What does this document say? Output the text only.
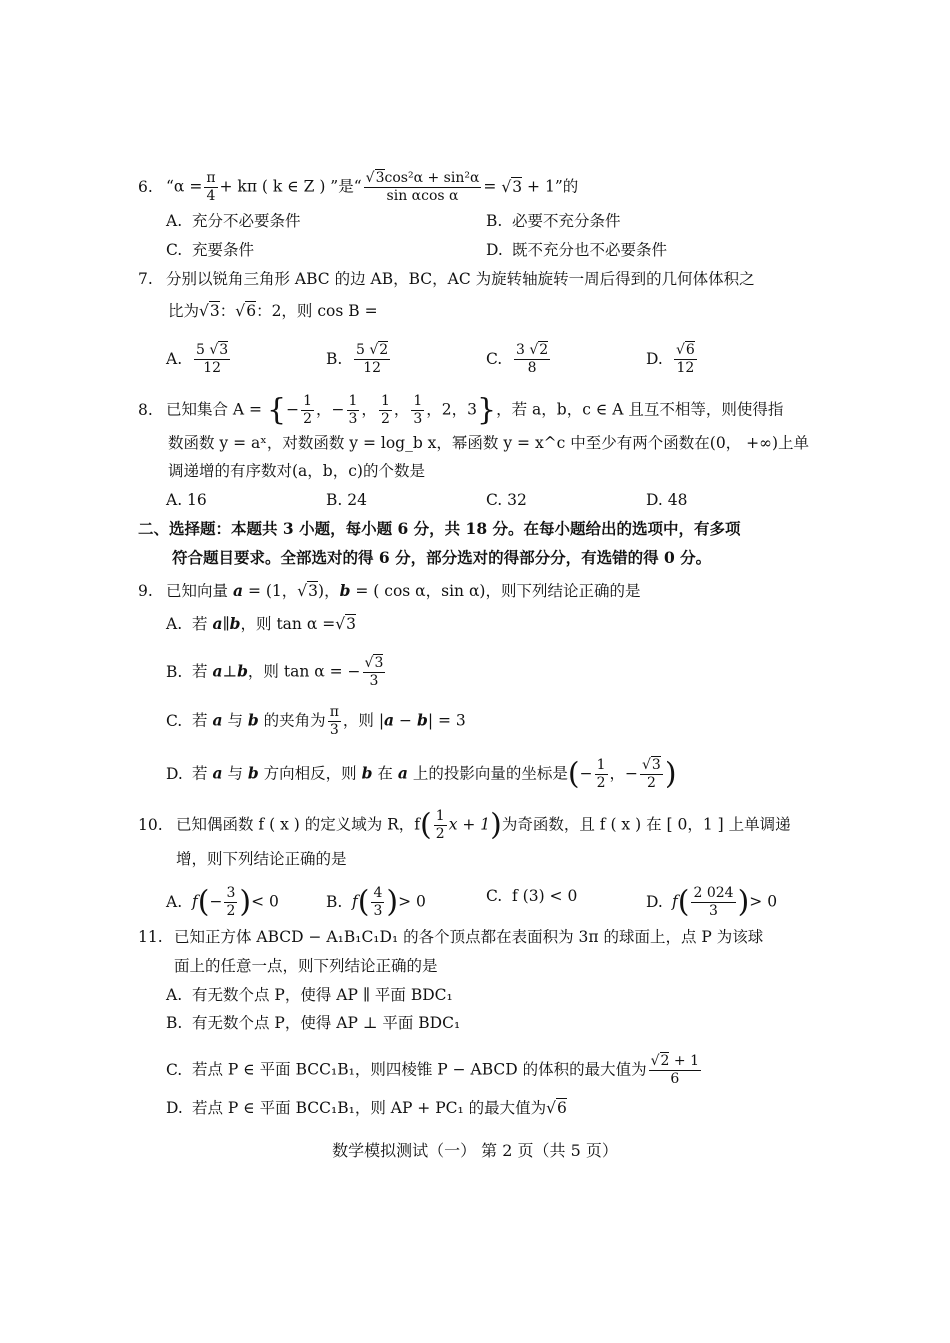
6. “$\alpha = \frac{\pi}{4} + k\pi$ ( k ∈ Z ) ”是“ √ $\frac{\text{3cos²α + sin²α}}{\text{sin αcos α}}$ = √ 3 + 1”的
A. 充分不必要条件	B. 必要不充分条件
C. 充要条件	D. 既不充分也不必要条件
7. 分别以锐角三角形 ABC 的边 AB，BC，AC 为旋转轴旋转一周后得到的几何体体积之
比为 √ 3： √ 6：2，则 cos B =
A. $\frac{5 √ 3}{12}$	B. $\frac{5 √ 2}{12}$	C. $\frac{3 √ 2}{8}$	D. √ $\frac{6}{12}$
8. 已知集合 A = {− $\frac{1}{2}$ ，− $\frac{1}{3}$ ， $\frac{1}{2}$ ， $\frac{1}{3}$ ，2，3}，若 a，b，c ∈ A 且互不相等，则使得指
数函数 y = aˣ，对数函数 y = log_b x，幂函数 y = x^c 中至少有两个函数在(0， +∞)上单
调递增的有序数对(a，b，c)的个数是
A. 16	B. 24	C. 32	D. 48
二、选择题：本题共 3 小题，每小题 6 分，共 18 分。在每小题给出的选项中，有多项
符合题目要求。全部选对的得 6 分，部分选对的得部分分，有选错的得 0 分。
9. 已知向量 a = (1， √ 3)，b = ( cos α，sin α)，则下列结论正确的是
A. 若 a∥b，则 tan α = √ 3
B. 若 a⊥b，则 tan α = − √ $\frac{3}{3}$
C. 若 a 与 b 的夹角为 $\frac{\pi}{3}$ ，则 |a − b| = 3
D. 若 a 与 b 方向相反，则 b 在 a 上的投影向量的坐标是(− $\frac{1}{2}$ ，− √ $\frac{3}{2}$ )
10. 已知偶函数 f ( x ) 的定义域为 R，$f( \frac{1}{2}$ x + 1)为奇函数，且 f ( x ) 在 [ 0，1 ] 上单调递
增，则下列结论正确的是
A. $f(- \frac{3}{2}$ )< 0	B. $f( \frac{4}{3}$ )> 0	C. f (3) < 0	D. $f( \frac{2 024}{3}$ )> 0
11. 已知正方体 ABCD − A₁B₁C₁D₁ 的各个顶点都在表面积为 3π 的球面上，点 P 为该球
面上的任意一点，则下列结论正确的是
A. 有无数个点 P，使得 AP ∥ 平面 BDC₁
B. 有无数个点 P，使得 AP ⊥ 平面 BDC₁
C. 若点 P ∈ 平面 BCC₁B₁，则四棱锥 P − ABCD 的体积的最大值为 √ $\frac{2 + 1}{6}$
D. 若点 P ∈ 平面 BCC₁B₁，则 AP + PC₁ 的最大值为 √ 6
数学模拟测试（一） 第 2 页（共 5 页）
